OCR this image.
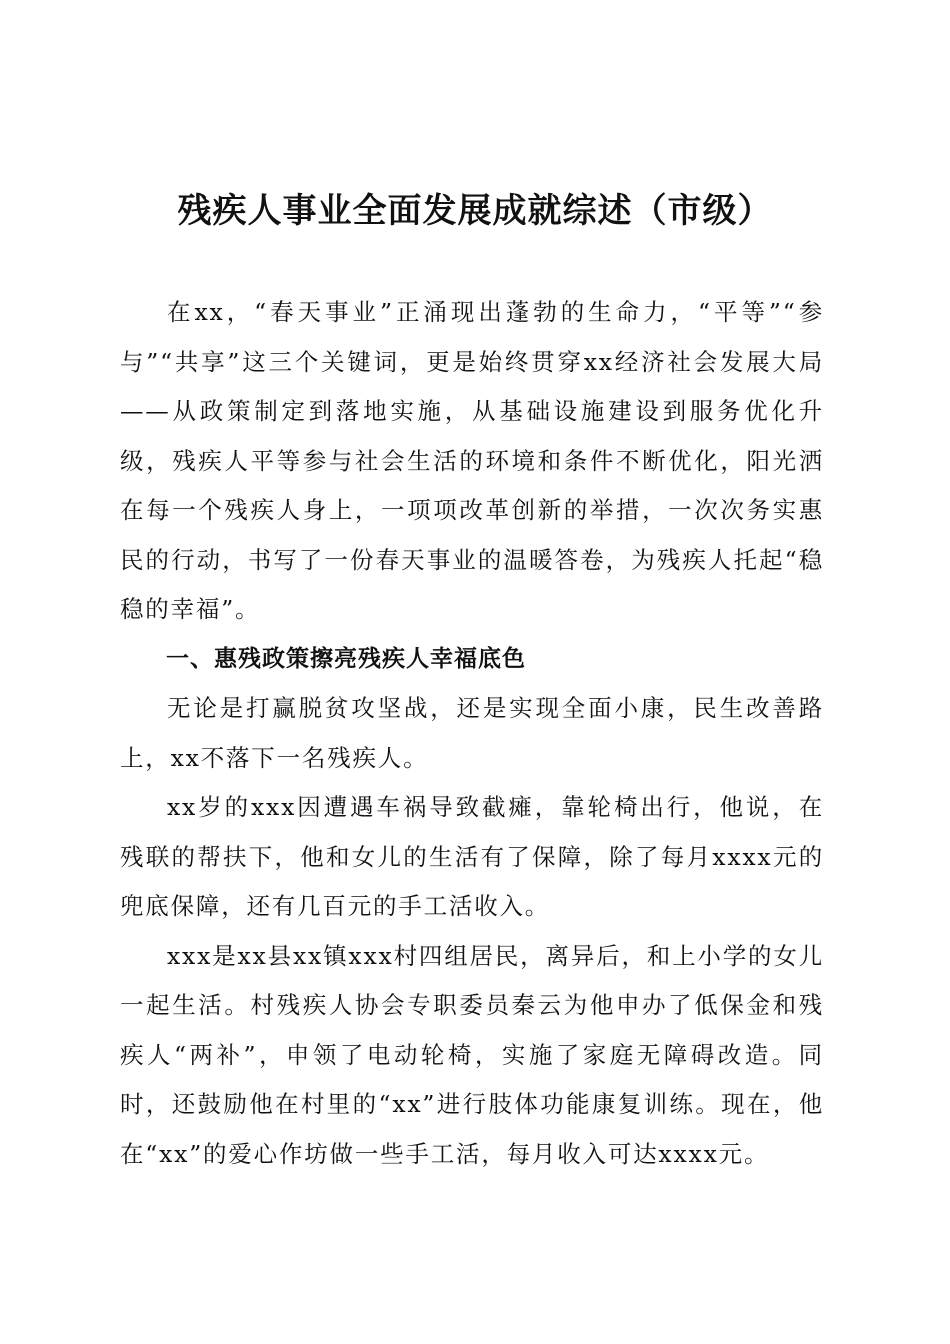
残疾人事业全面发展成就综述（市级）

在xx，“春天事业”正涌现出蓬勃的生命力，“平等”“参与”“共享”这三个关键词，更是始终贯穿xx经济社会发展大局——从政策制定到落地实施，从基础设施建设到服务优化升级，残疾人平等参与社会生活的环境和条件不断优化，阳光洒在每一个残疾人身上，一项项改革创新的举措，一次次务实惠民的行动，书写了一份春天事业的温暖答卷，为残疾人托起“稳稳的幸福”。

一、惠残政策擦亮残疾人幸福底色

无论是打赢脱贫攻坚战，还是实现全面小康，民生改善路上，xx不落下一名残疾人。

xx岁的xxx因遭遇车祸导致截瘫，靠轮椅出行，他说，在残联的帮扶下，他和女儿的生活有了保障，除了每月xxxx元的兜底保障，还有几百元的手工活收入。

xxx是xx县xx镇xxx村四组居民，离异后，和上小学的女儿一起生活。村残疾人协会专职委员秦云为他申办了低保金和残疾人“两补”，申领了电动轮椅，实施了家庭无障碍改造。同时，还鼓励他在村里的“xx”进行肢体功能康复训练。现在，他在“xx”的爱心作坊做一些手工活，每月收入可达xxxx元。
